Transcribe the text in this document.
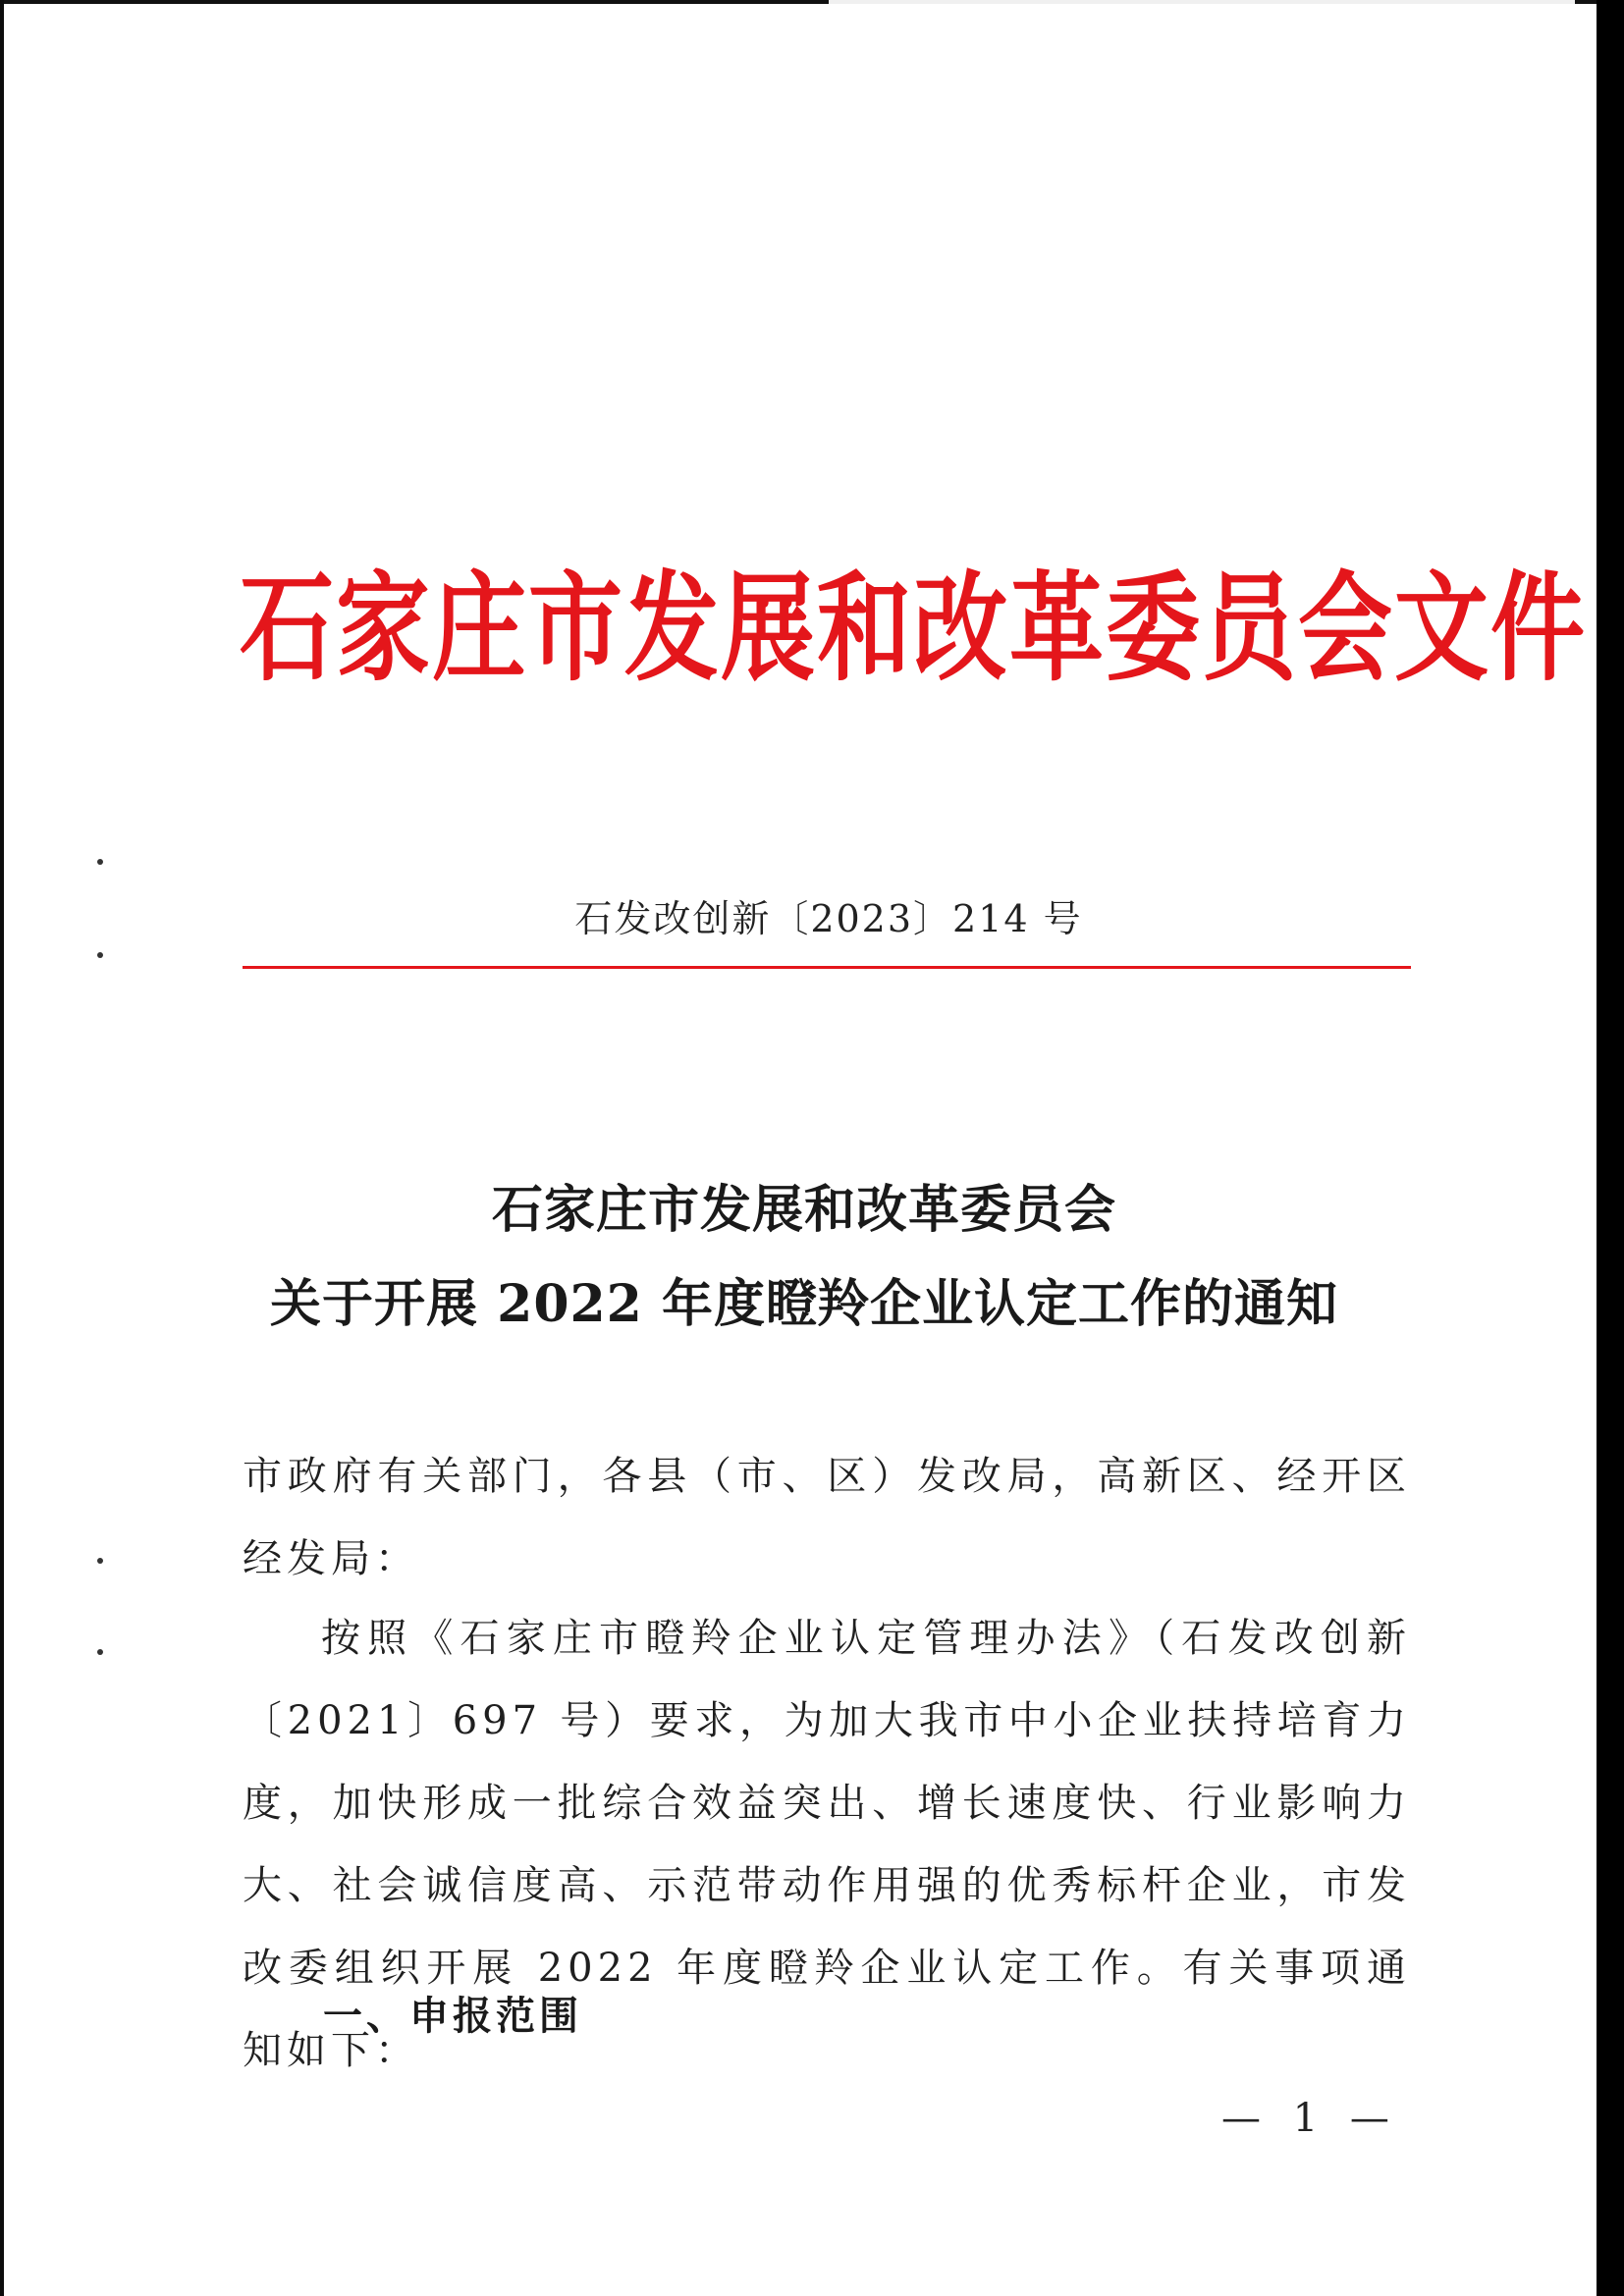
石家庄市发展和改革委员会文件
石发改创新〔2023〕214 号
石家庄市发展和改革委员会
关于开展 2022 年度瞪羚企业认定工作的通知
市政府有关部门，各县（市、区）发改局，高新区、经开区经发局：
按照《石家庄市瞪羚企业认定管理办法》（石发改创新〔2021〕697 号）要求，为加大我市中小企业扶持培育力度，加快形成一批综合效益突出、增长速度快、行业影响力大、社会诚信度高、示范带动作用强的优秀标杆企业，市发改委组织开展 2022 年度瞪羚企业认定工作。有关事项通知如下：
一、申报范围
— 1 —
